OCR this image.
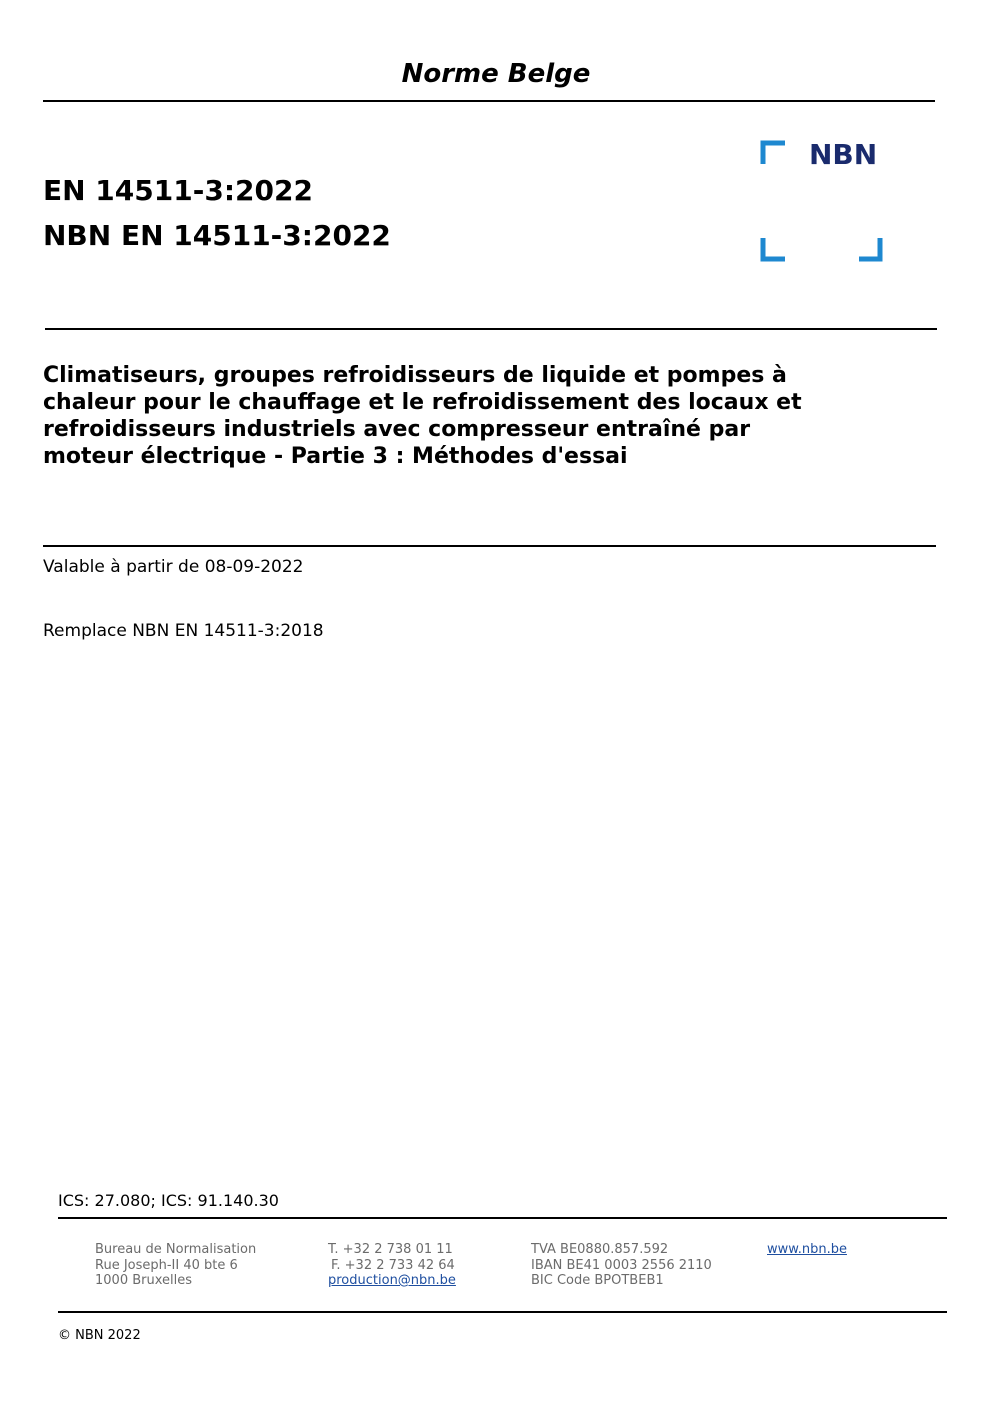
Norme Belge
EN 14511-3:2022
NBN EN 14511-3:2022
NBN
Climatiseurs, groupes refroidisseurs de liquide et pompes à
chaleur pour le chauffage et le refroidissement des locaux et
refroidisseurs industriels avec compresseur entraîné par
moteur électrique - Partie 3 : Méthodes d'essai
Valable à partir de 08-09-2022
Remplace NBN EN 14511-3:2018
ICS: 27.080; ICS: 91.140.30
Bureau de Normalisation
Rue Joseph-II 40 bte 6
1000 Bruxelles
T. +32 2 738 01 11
F. +32 2 733 42 64
production@nbn.be
TVA BE0880.857.592
IBAN BE41 0003 2556 2110
BIC Code BPOTBEB1
www.nbn.be
© NBN 2022
